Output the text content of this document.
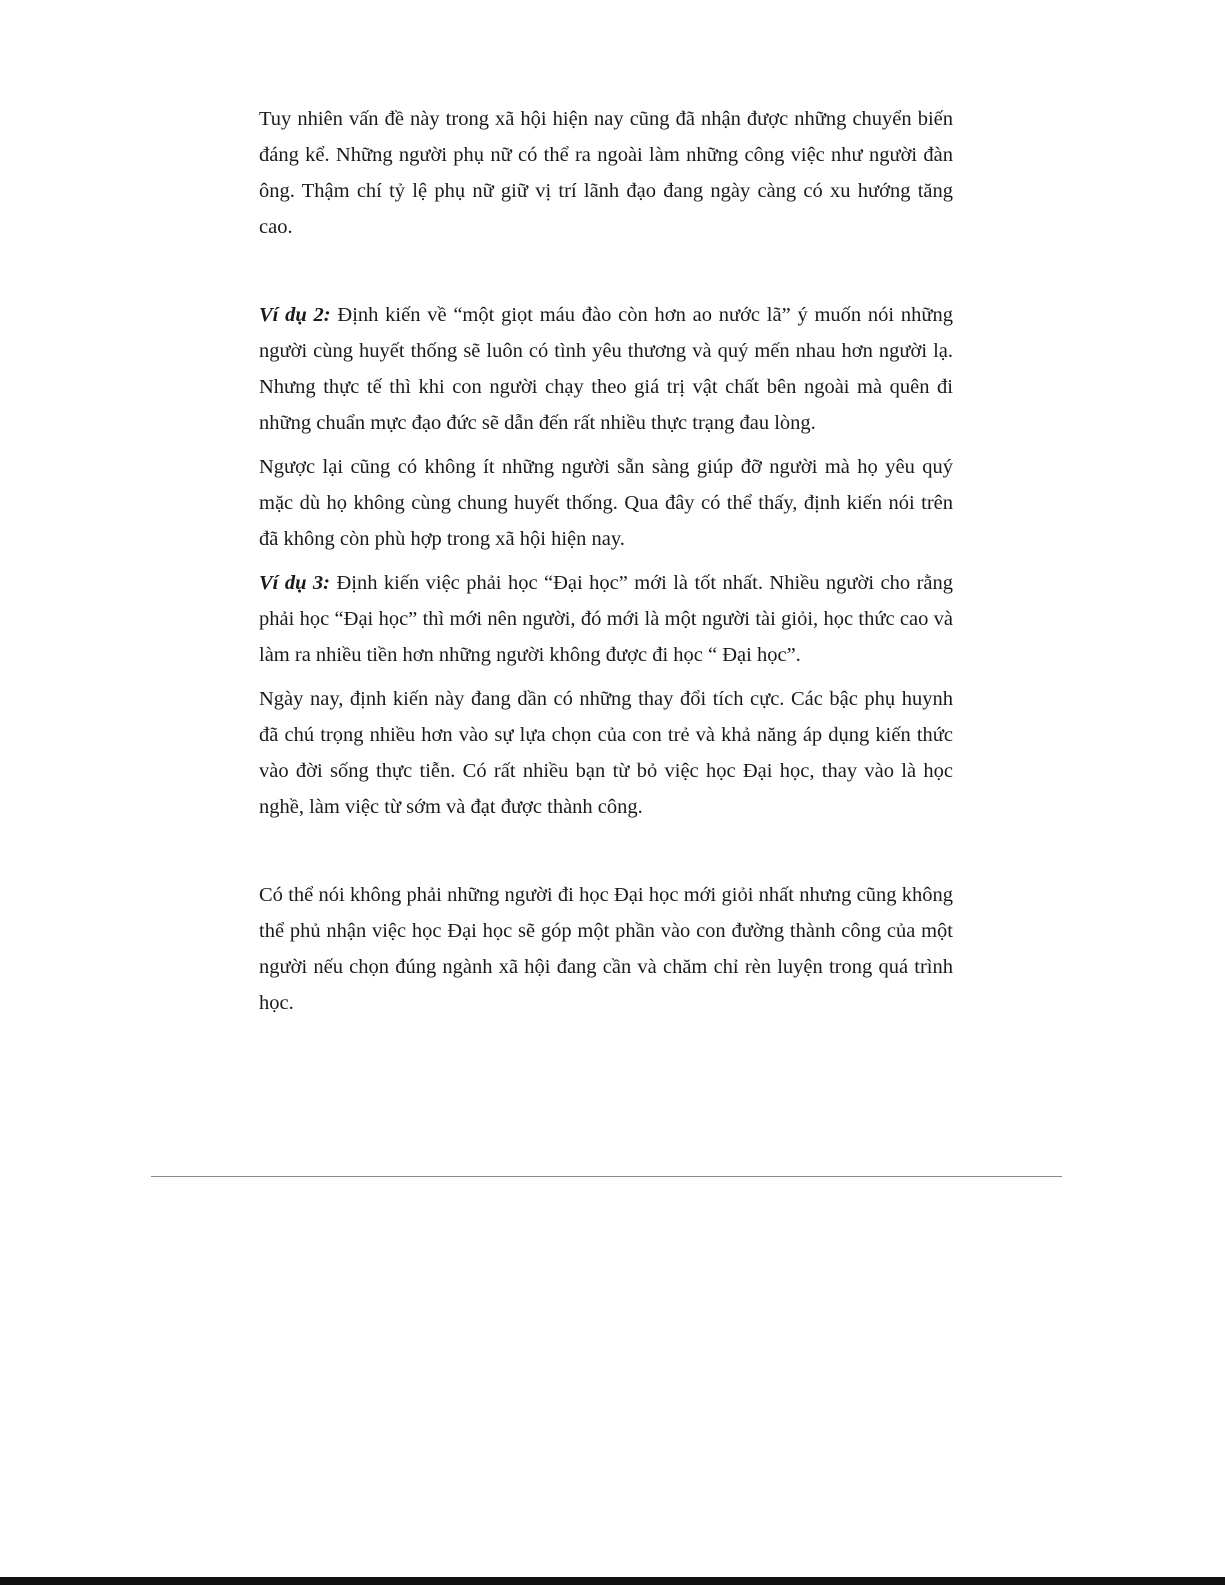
Tuy nhiên vấn đề này trong xã hội hiện nay cũng đã nhận được những chuyển biến đáng kể. Những người phụ nữ có thể ra ngoài làm những công việc như người đàn ông. Thậm chí tỷ lệ phụ nữ giữ vị trí lãnh đạo đang ngày càng có xu hướng tăng cao.

Ví dụ 2: Định kiến về “một giọt máu đào còn hơn ao nước lã” ý muốn nói những người cùng huyết thống sẽ luôn có tình yêu thương và quý mến nhau hơn người lạ. Nhưng thực tế thì khi con người chạy theo giá trị vật chất bên ngoài mà quên đi những chuẩn mực đạo đức sẽ dẫn đến rất nhiều thực trạng đau lòng.

Ngược lại cũng có không ít những người sẵn sàng giúp đỡ người mà họ yêu quý mặc dù họ không cùng chung huyết thống. Qua đây có thể thấy, định kiến nói trên đã không còn phù hợp trong xã hội hiện nay.

Ví dụ 3: Định kiến việc phải học “Đại học” mới là tốt nhất. Nhiều người cho rằng phải học “Đại học” thì mới nên người, đó mới là một người tài giỏi, học thức cao và làm ra nhiều tiền hơn những người không được đi học “ Đại học”.

Ngày nay, định kiến này đang dần có những thay đổi tích cực. Các bậc phụ huynh đã chú trọng nhiều hơn vào sự lựa chọn của con trẻ và khả năng áp dụng kiến thức vào đời sống thực tiễn. Có rất nhiều bạn từ bỏ việc học Đại học, thay vào là học nghề, làm việc từ sớm và đạt được thành công.

Có thể nói không phải những người đi học Đại học mới giỏi nhất nhưng cũng không thể phủ nhận việc học Đại học sẽ góp một phần vào con đường thành công của một người nếu chọn đúng ngành xã hội đang cần và chăm chỉ rèn luyện trong quá trình học.
